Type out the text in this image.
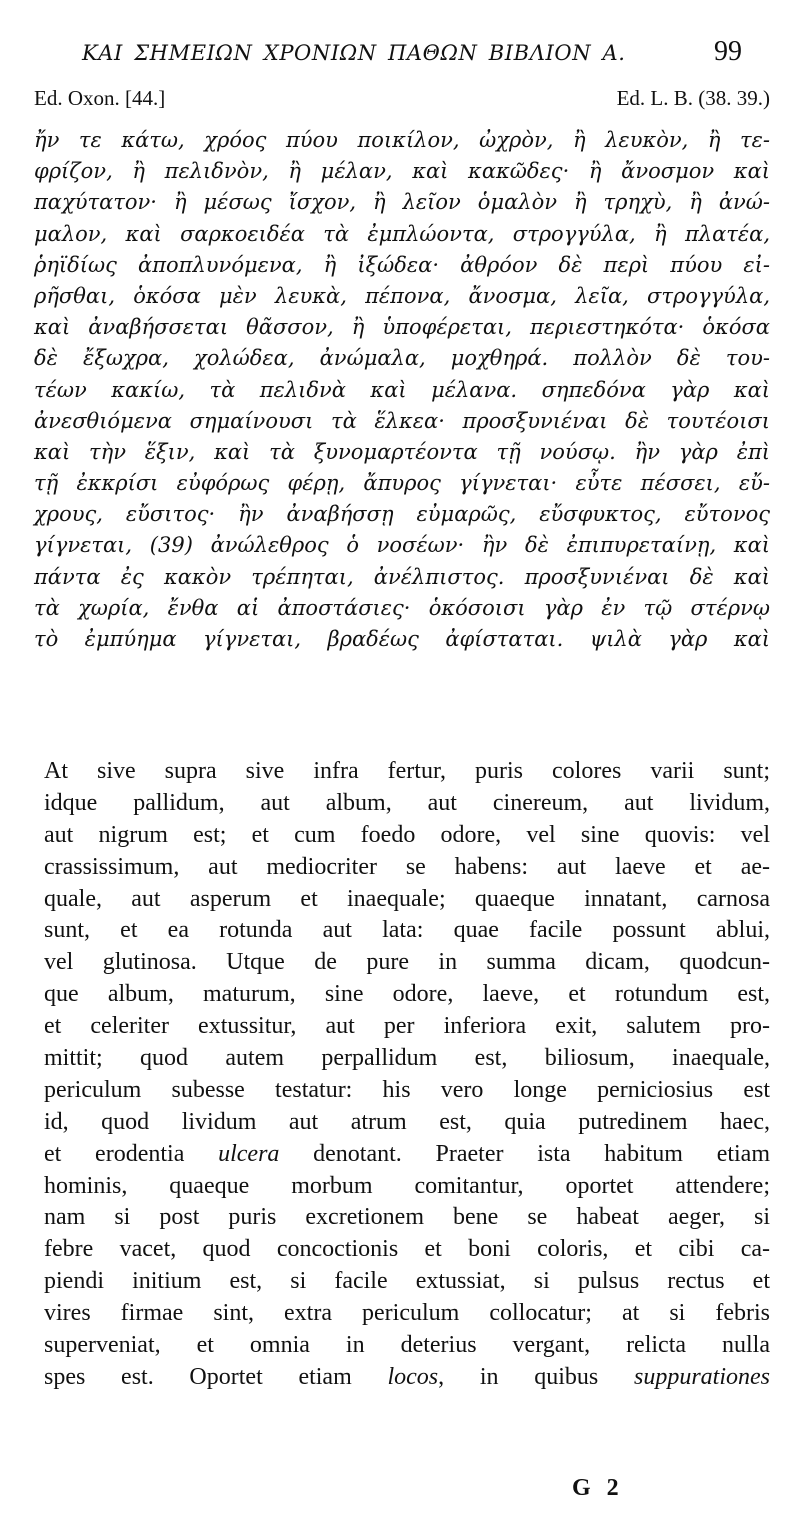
ΚΑΙ ΣΗΜΕΙΩΝ ΧΡΟΝΙΩΝ ΠΑΘΩΝ ΒΙΒΛΙΟΝ Α.	99
Ed. Oxon. [44.]	Ed. L. B. (38. 39.)
ἤν τε κάτω, χρόος πύου ποικίλον, ὠχρὸν, ἢ λευκὸν, ἢ τε-
φρίζον, ἢ πελιδνὸν, ἢ μέλαν, καὶ κακῶδες· ἢ ἄνοσμον καὶ
παχύτατον· ἢ μέσως ἴσχον, ἢ λεῖον ὁμαλὸν ἢ τρηχὺ, ἢ ἀνώ-
μαλον, καὶ σαρκοειδέα τὰ ἐμπλώοντα, στρογγύλα, ἢ πλατέα,
ῥηϊδίως ἀποπλυνόμενα, ἢ ἰξώδεα· ἀθρόον δὲ περὶ πύου εἰ-
ρῆσθαι, ὁκόσα μὲν λευκὰ, πέπονα, ἄνοσμα, λεῖα, στρογγύλα,
καὶ ἀναβήσσεται θᾶσσον, ἢ ὑποφέρεται, περιεστηκότα· ὁκόσα
δὲ ἔξωχρα, χολώδεα, ἀνώμαλα, μοχθηρά. πολλὸν δὲ του-
τέων κακίω, τὰ πελιδνὰ καὶ μέλανα. σηπεδόνα γὰρ καὶ
ἀνεσθιόμενα σημαίνουσι τὰ ἕλκεα· προσξυνιέναι δὲ τουτέοισι
καὶ τὴν ἕξιν, καὶ τὰ ξυνομαρτέοντα τῇ νούσῳ. ἢν γὰρ ἐπὶ
τῇ ἐκκρίσι εὐφόρως φέρῃ, ἄπυρος γίγνεται· εὖτε πέσσει, εὔ-
χρους, εὔσιτος· ἢν ἀναβήσσῃ εὐμαρῶς, εὔσφυκτος, εὔτονος
γίγνεται, (39) ἀνώλεθρος ὁ νοσέων· ἢν δὲ ἐπιπυρεταίνῃ, καὶ
πάντα ἐς κακὸν τρέπηται, ἀνέλπιστος. προσξυνιέναι δὲ καὶ
τὰ χωρία, ἔνθα αἱ ἀποστάσιες· ὁκόσοισι γὰρ ἐν τῷ στέρνῳ
τὸ ἐμπύημα γίγνεται, βραδέως ἀφίσταται. ψιλὰ γὰρ καὶ
At sive supra sive infra fertur, puris colores varii sunt;
idque pallidum, aut album, aut cinereum, aut lividum,
aut nigrum est; et cum foedo odore, vel sine quovis: vel
crassissimum, aut mediocriter se habens: aut laeve et ae-
quale, aut asperum et inaequale; quaeque innatant, carnosa
sunt, et ea rotunda aut lata: quae facile possunt ablui,
vel glutinosa. Utque de pure in summa dicam, quodcun-
que album, maturum, sine odore, laeve, et rotundum est,
et celeriter extussitur, aut per inferiora exit, salutem pro-
mittit; quod autem perpallidum est, biliosum, inaequale,
periculum subesse testatur: his vero longe perniciosius est
id, quod lividum aut atrum est, quia putredinem haec,
et erodentia ulcera denotant. Praeter ista habitum etiam
hominis, quaeque morbum comitantur, oportet attendere;
nam si post puris excretionem bene se habeat aeger, si
febre vacet, quod concoctionis et boni coloris, et cibi ca-
piendi initium est, si facile extussiat, si pulsus rectus et
vires firmae sint, extra periculum collocatur; at si febris
superveniat, et omnia in deterius vergant, relicta nulla
spes est. Oportet etiam locos, in quibus suppurationes
G 2
